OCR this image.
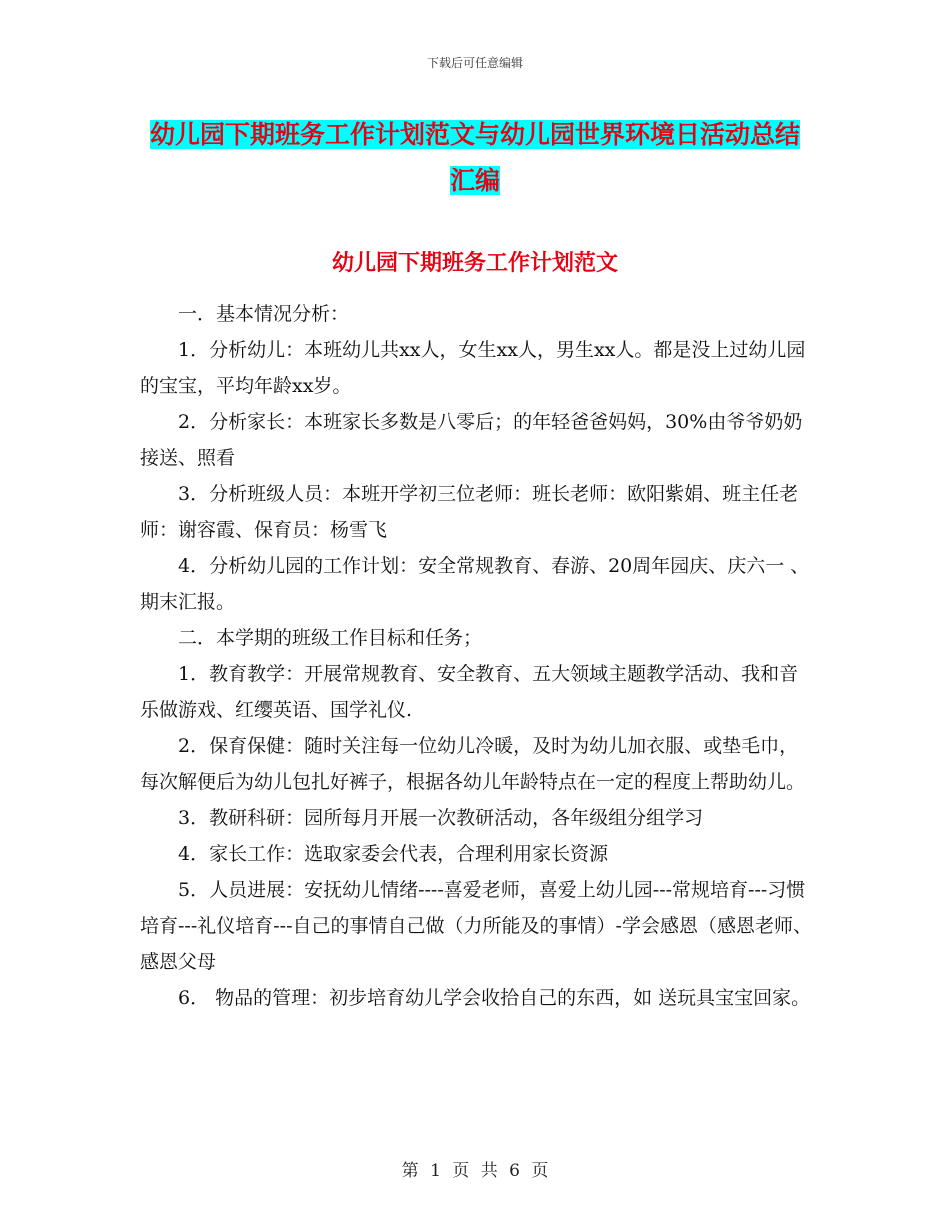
下载后可任意编辑
幼儿园下期班务工作计划范文与幼儿园世界环境日活动总结汇编
幼儿园下期班务工作计划范文

一．基本情况分析：

1．分析幼儿：本班幼儿共xx人，女生xx人，男生xx人。都是没上过幼儿园的宝宝，平均年龄xx岁。

2．分析家长：本班家长多数是八零后；的年轻爸爸妈妈，30%由爷爷奶奶接送、照看

3．分析班级人员：本班开学初三位老师：班长老师：欧阳紫娟、班主任老师：谢容霞、保育员：杨雪飞

4．分析幼儿园的工作计划：安全常规教育、春游、20周年园庆、庆六一 、期末汇报。

二．本学期的班级工作目标和任务；

1．教育教学：开展常规教育、安全教育、五大领域主题教学活动、我和音乐做游戏、红缨英语、国学礼仪.

2．保育保健：随时关注每一位幼儿冷暖，及时为幼儿加衣服、或垫毛巾，每次解便后为幼儿包扎好裤子，根据各幼儿年龄特点在一定的程度上帮助幼儿。

3．教研科研：园所每月开展一次教研活动，各年级组分组学习

4．家长工作：选取家委会代表，合理利用家长资源

5．人员进展：安抚幼儿情绪----喜爱老师，喜爱上幼儿园---常规培育---习惯培育---礼仪培育---自己的事情自己做（力所能及的事情）-学会感恩（感恩老师、感恩父母

6． 物品的管理：初步培育幼儿学会收拾自己的东西，如 送玩具宝宝回家。

第 1 页 共 6 页
